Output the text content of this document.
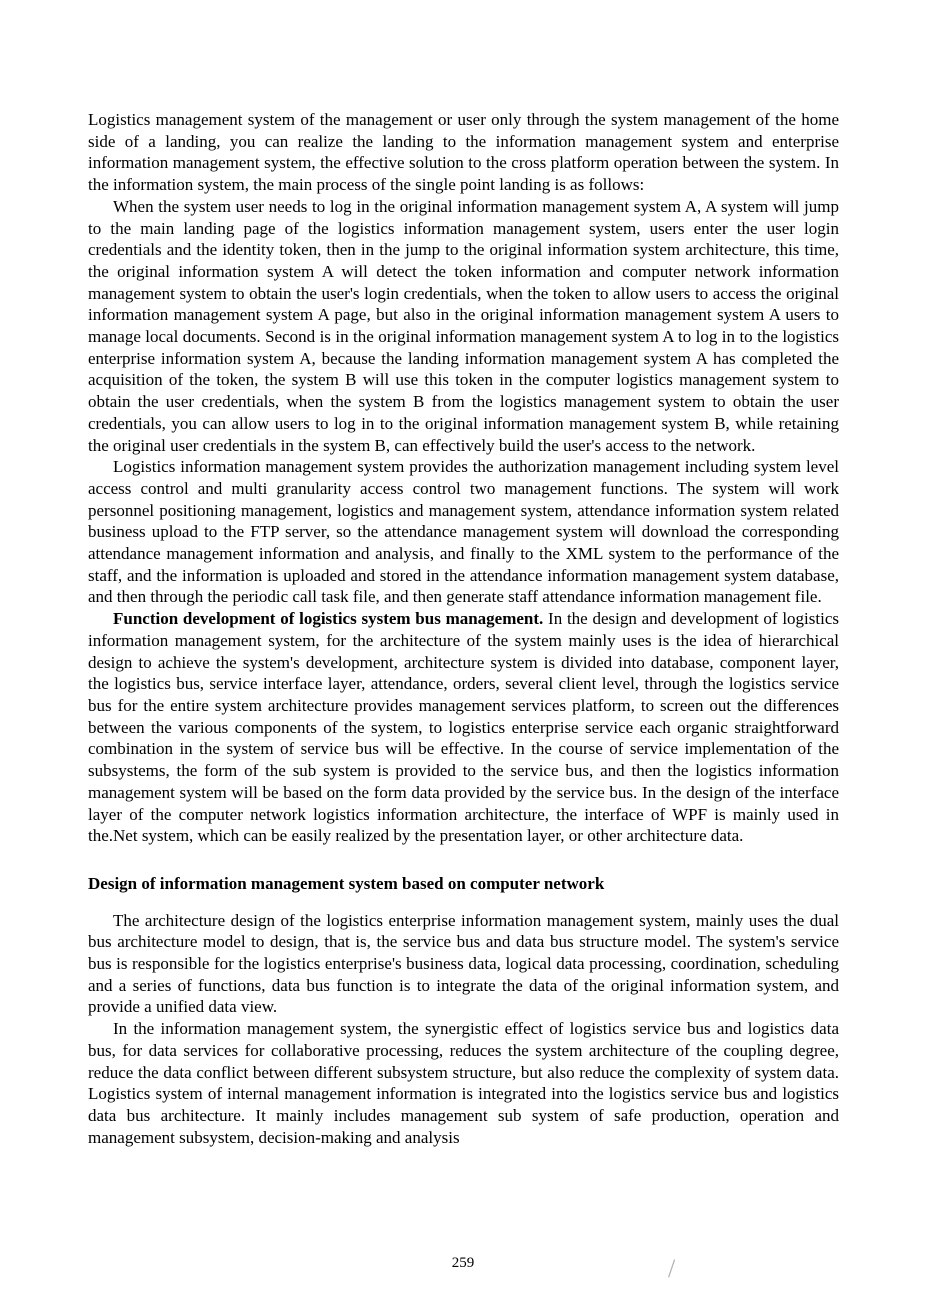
Logistics management system of the management or user only through the system management of the home side of a landing, you can realize the landing to the information management system and enterprise information management system, the effective solution to the cross platform operation between the system. In the information system, the main process of the single point landing is as follows:

When the system user needs to log in the original information management system A, A system will jump to the main landing page of the logistics information management system, users enter the user login credentials and the identity token, then in the jump to the original information system architecture, this time, the original information system A will detect the token information and computer network information management system to obtain the user's login credentials, when the token to allow users to access the original information management system A page, but also in the original information management system A users to manage local documents. Second is in the original information management system A to log in to the logistics enterprise information system A, because the landing information management system A has completed the acquisition of the token, the system B will use this token in the computer logistics management system to obtain the user credentials, when the system B from the logistics management system to obtain the user credentials, you can allow users to log in to the original information management system B, while retaining the original user credentials in the system B, can effectively build the user's access to the network.

Logistics information management system provides the authorization management including system level access control and multi granularity access control two management functions. The system will work personnel positioning management, logistics and management system, attendance information system related business upload to the FTP server, so the attendance management system will download the corresponding attendance management information and analysis, and finally to the XML system to the performance of the staff, and the information is uploaded and stored in the attendance information management system database, and then through the periodic call task file, and then generate staff attendance information management file.

Function development of logistics system bus management. In the design and development of logistics information management system, for the architecture of the system mainly uses is the idea of hierarchical design to achieve the system's development, architecture system is divided into database, component layer, the logistics bus, service interface layer, attendance, orders, several client level, through the logistics service bus for the entire system architecture provides management services platform, to screen out the differences between the various components of the system, to logistics enterprise service each organic straightforward combination in the system of service bus will be effective. In the course of service implementation of the subsystems, the form of the sub system is provided to the service bus, and then the logistics information management system will be based on the form data provided by the service bus. In the design of the interface layer of the computer network logistics information architecture, the interface of WPF is mainly used in the.Net system, which can be easily realized by the presentation layer, or other architecture data.

Design of information management system based on computer network

The architecture design of the logistics enterprise information management system, mainly uses the dual bus architecture model to design, that is, the service bus and data bus structure model. The system's service bus is responsible for the logistics enterprise's business data, logical data processing, coordination, scheduling and a series of functions, data bus function is to integrate the data of the original information system, and provide a unified data view.

In the information management system, the synergistic effect of logistics service bus and logistics data bus, for data services for collaborative processing, reduces the system architecture of the coupling degree, reduce the data conflict between different subsystem structure, but also reduce the complexity of system data. Logistics system of internal management information is integrated into the logistics service bus and logistics data bus architecture. It mainly includes management sub system of safe production, operation and management subsystem, decision-making and analysis

259	/
